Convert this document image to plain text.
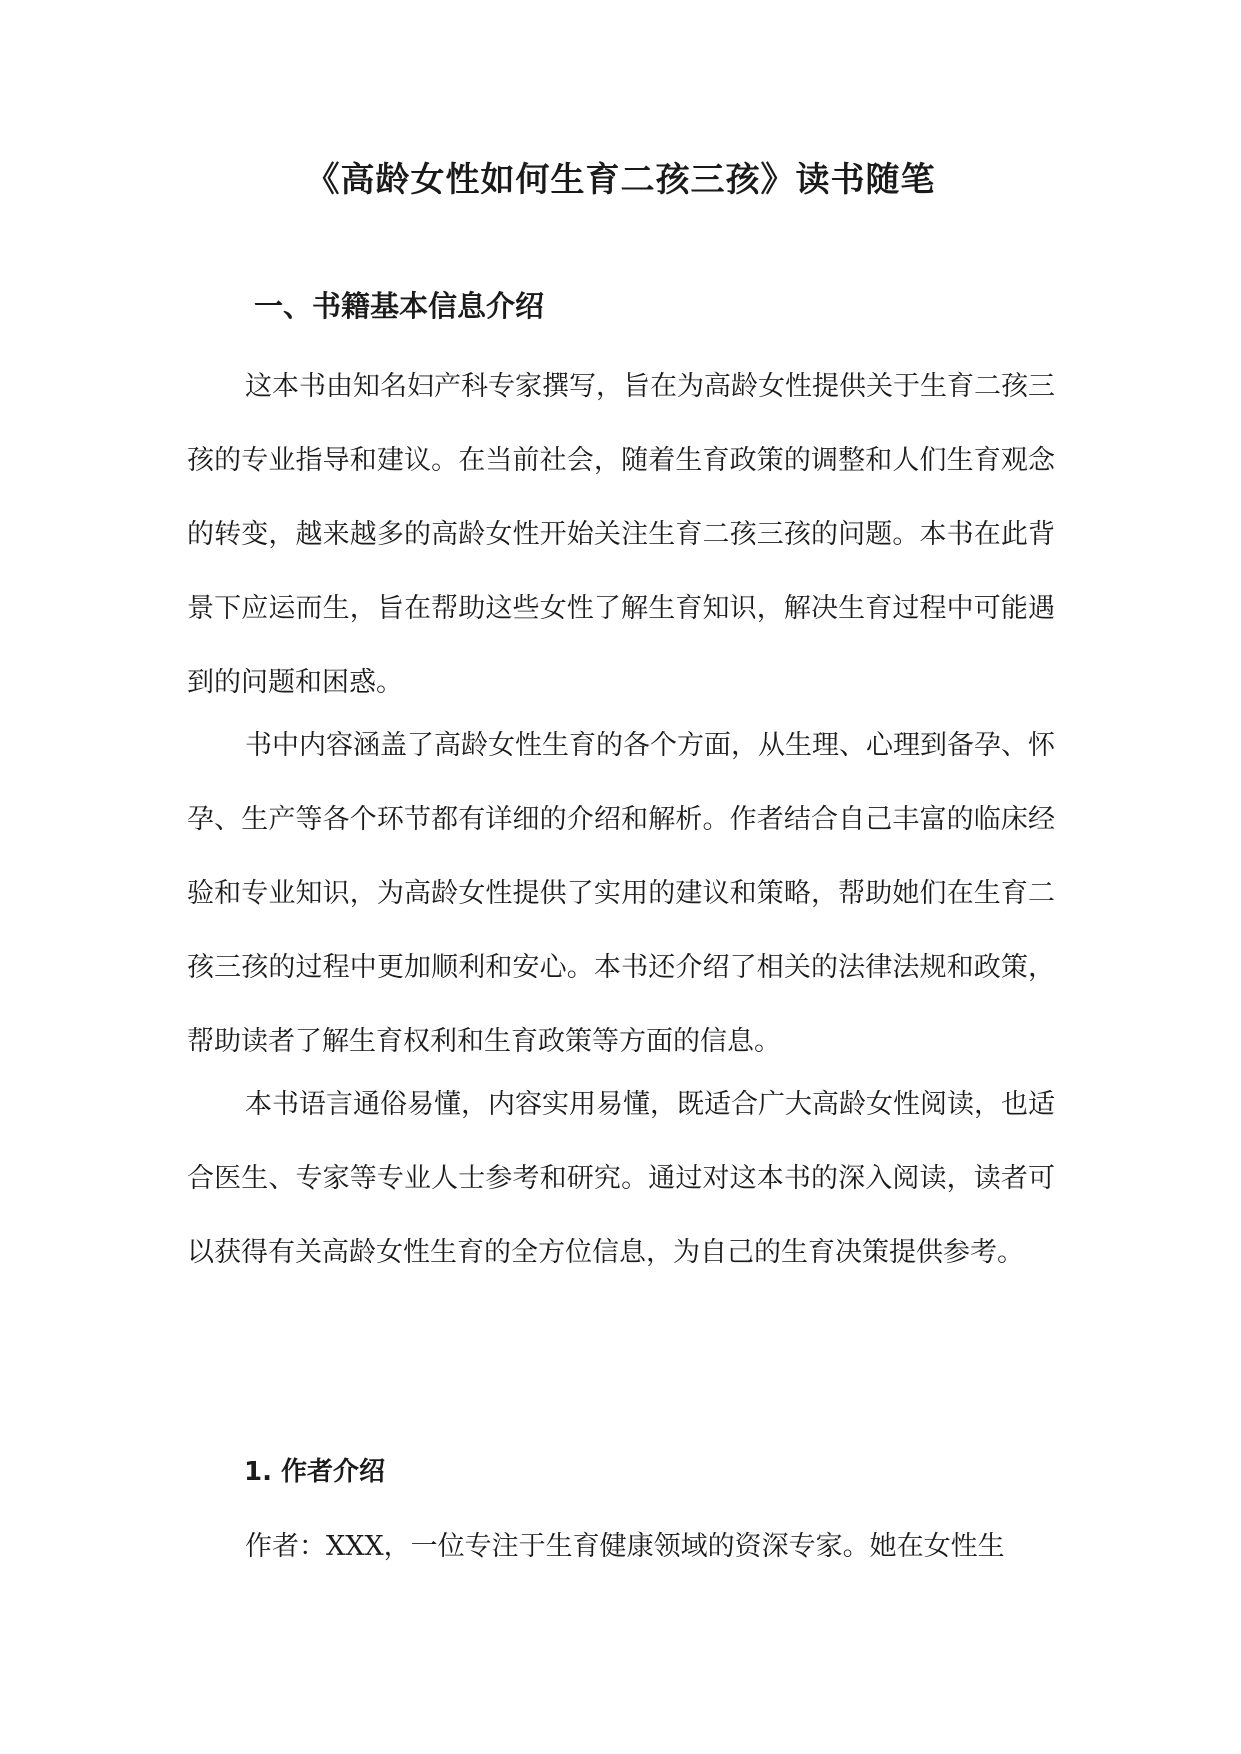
《高龄女性如何生育二孩三孩》读书随笔
一、书籍基本信息介绍

这本书由知名妇产科专家撰写，旨在为高龄女性提供关于生育二孩三孩的专业指导和建议。在当前社会，随着生育政策的调整和人们生育观念的转变，越来越多的高龄女性开始关注生育二孩三孩的问题。本书在此背景下应运而生，旨在帮助这些女性了解生育知识，解决生育过程中可能遇到的问题和困惑。

书中内容涵盖了高龄女性生育的各个方面，从生理、心理到备孕、怀孕、生产等各个环节都有详细的介绍和解析。作者结合自己丰富的临床经验和专业知识，为高龄女性提供了实用的建议和策略，帮助她们在生育二孩三孩的过程中更加顺利和安心。本书还介绍了相关的法律法规和政策，帮助读者了解生育权利和生育政策等方面的信息。

本书语言通俗易懂，内容实用易懂，既适合广大高龄女性阅读，也适合医生、专家等专业人士参考和研究。通过对这本书的深入阅读，读者可以获得有关高龄女性生育的全方位信息，为自己的生育决策提供参考。

1. 作者介绍

作者：XXX，一位专注于生育健康领域的资深专家。她在女性生
